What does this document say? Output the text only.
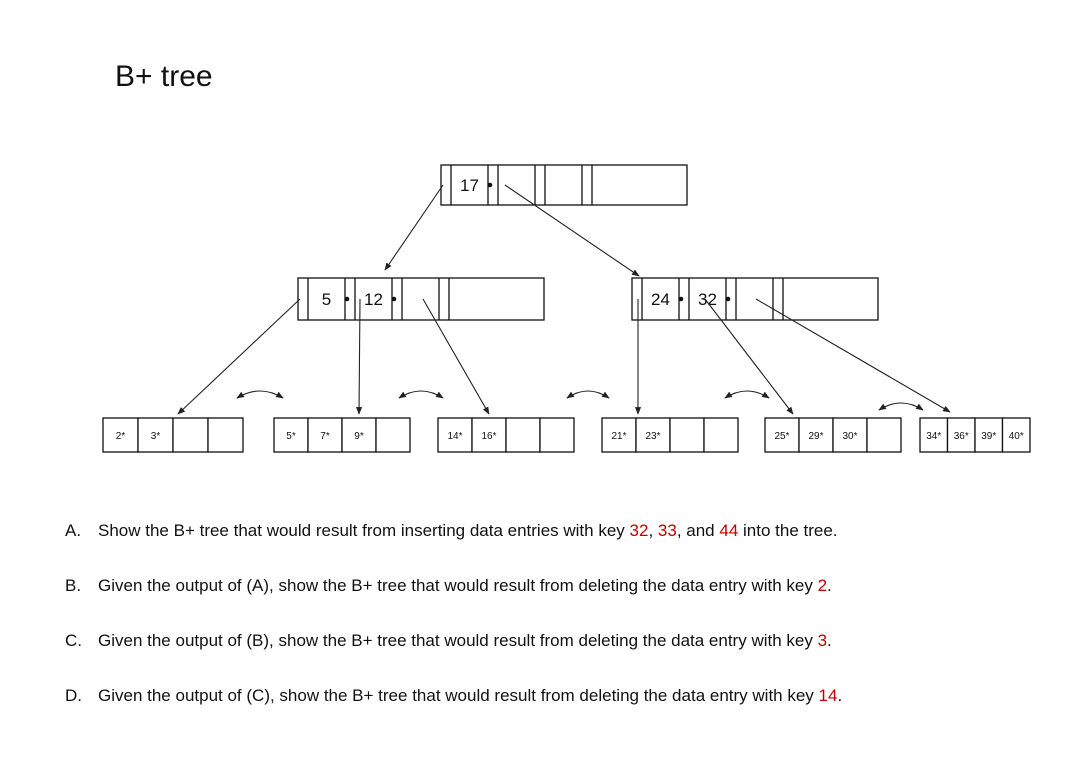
B+ tree
17
5 12	24 32
2*	3*	5* 7* 9*	14* 16*	21* 23*	25* 29* 30*	34* 36* 39* 40*

A. Show the B+ tree that would result from inserting data entries with key 32, 33, and 44 into the tree.

B. Given the output of (A), show the B+ tree that would result from deleting the data entry with key 2.

C. Given the output of (B), show the B+ tree that would result from deleting the data entry with key 3.

D. Given the output of (C), show the B+ tree that would result from deleting the data entry with key 14.
